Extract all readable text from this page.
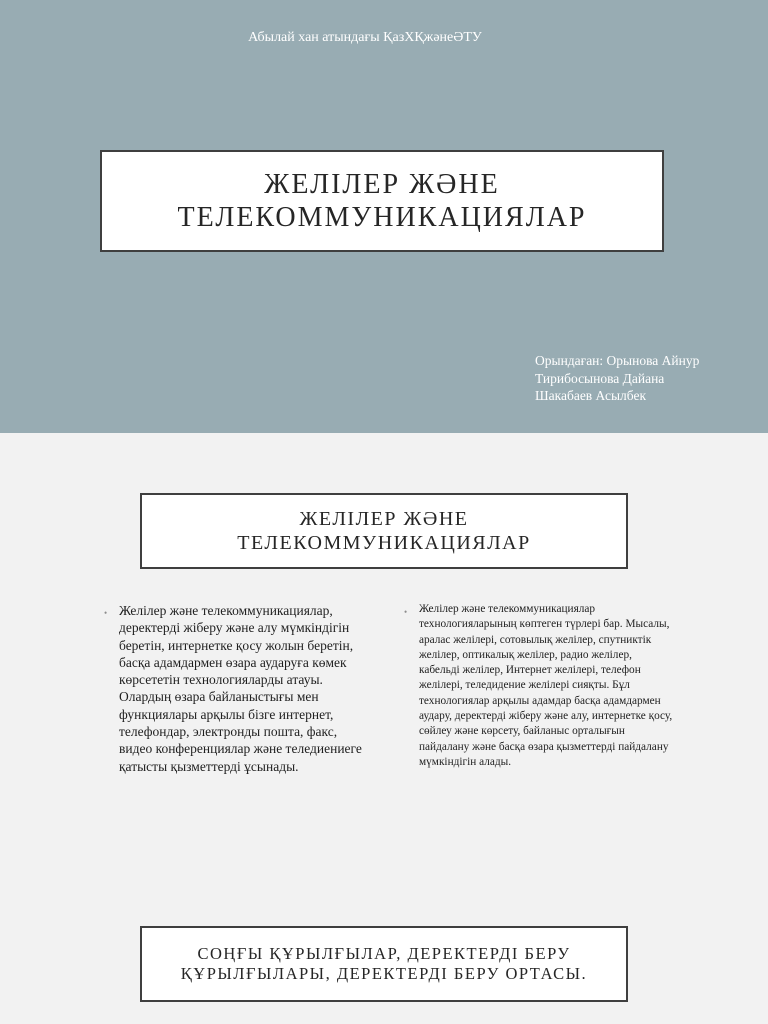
Абылай хан атындағы ҚазХҚжәнеӘТУ
ЖЕЛІЛЕР ЖӘНЕ
ТЕЛЕКОММУНИКАЦИЯЛАР
Орындаған: Орынова Айнур
Тирибосынова Дайана
Шакабаев Асылбек
ЖЕЛІЛЕР ЖӘНЕ
ТЕЛЕКОММУНИКАЦИЯЛАР
• Желілер және телекоммуникациялар, деректерді жіберу және алу мүмкіндігін беретін, интернетке қосу жолын беретін, басқа адамдармен өзара аударуға көмек көрсететін технологияларды атауы. Олардың өзара байланыстығы мен функциялары арқылы бізге интернет, телефондар, электронды пошта, факс, видео конференциялар және теледиениеге қатысты қызметтерді ұсынады.
•	Желілер және телекоммуникациялар технологияларының көптеген түрлері бар. Мысалы, аралас желілері, сотовылық желілер, спутниктік желілер, оптикалық желілер, радио желілер, кабельді желілер, Интернет желілері, телефон желілері, теледидение желілері сияқты. Бұл технологиялар арқылы адамдар басқа адамдармен аудару, деректерді жіберу және алу, интернетке қосу, сөйлеу және көрсету, байланыс орталығын пайдалану және басқа өзара қызметтерді пайдалану мүмкіндігін алады.
СОҢҒЫ ҚҰРЫЛҒЫЛАР, ДЕРЕКТЕРДІ БЕРУ
ҚҰРЫЛҒЫЛАРЫ, ДЕРЕКТЕРДІ БЕРУ ОРТАСЫ.
